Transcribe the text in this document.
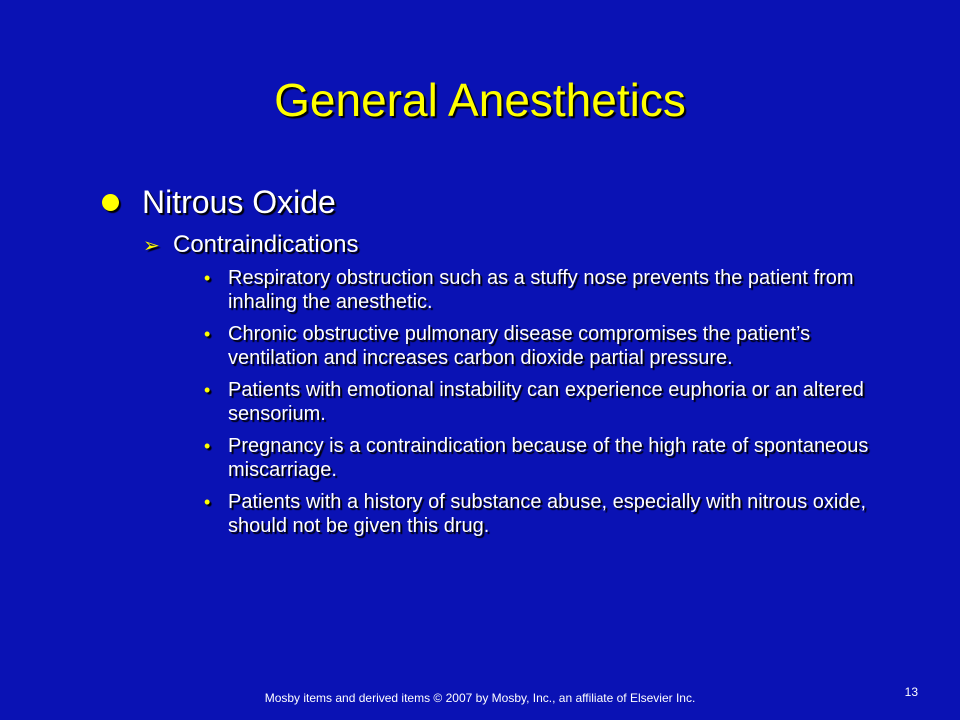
General Anesthetics
Nitrous Oxide
➢ Contraindications
• Respiratory obstruction such as a stuffy nose prevents the patient from inhaling the anesthetic.
• Chronic obstructive pulmonary disease compromises the patient’s ventilation and increases carbon dioxide partial pressure.
• Patients with emotional instability can experience euphoria or an altered sensorium.
• Pregnancy is a contraindication because of the high rate of spontaneous miscarriage.
• Patients with a history of substance abuse, especially with nitrous oxide, should not be given this drug.
Mosby items and derived items © 2007 by Mosby, Inc., an affiliate of Elsevier Inc.	13
